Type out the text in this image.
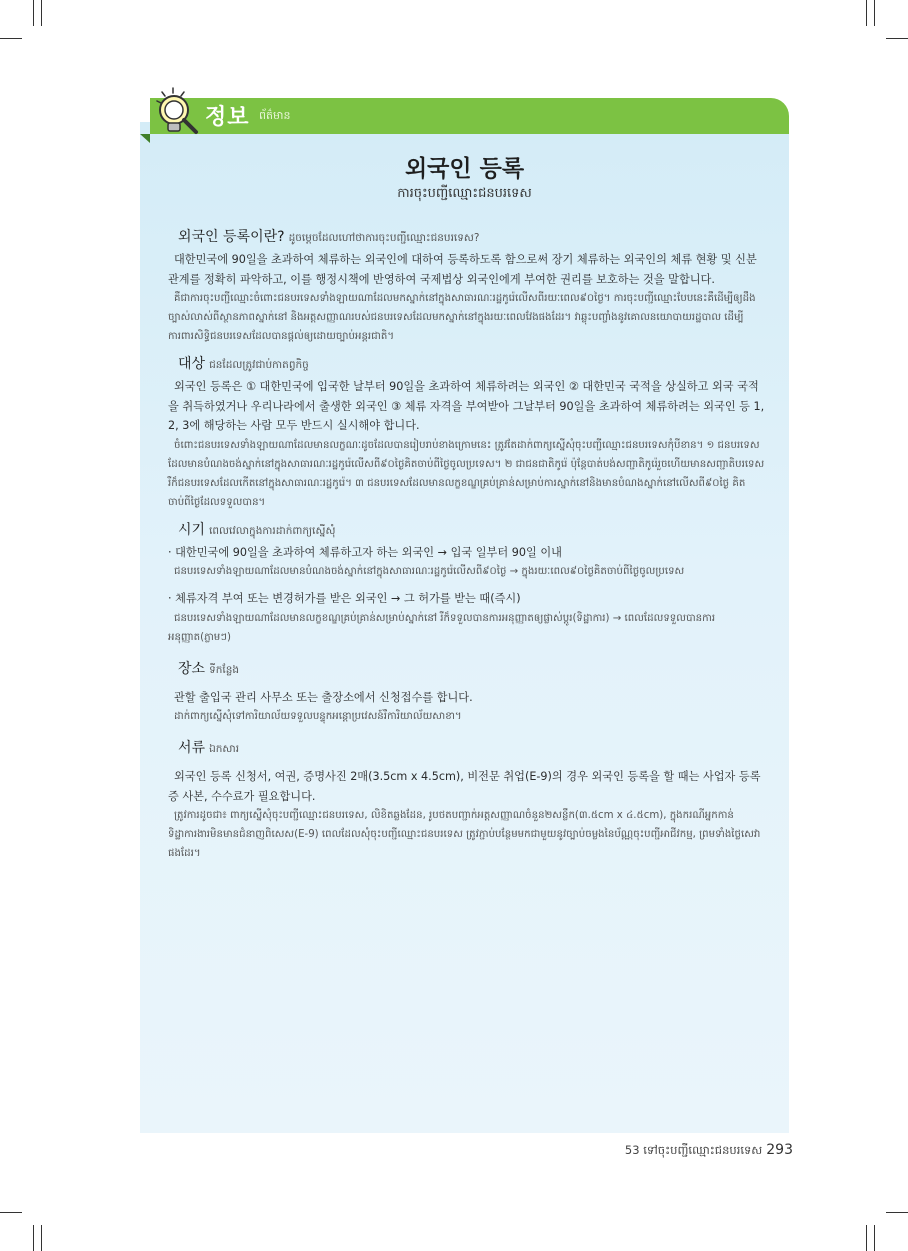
정보 ព័ត៌មាន
외국인 등록
ការចុះបញ្ជីឈ្មោះជនបរទេស
외국인 등록이란? ដូចម្តេចដែលហៅថាការចុះបញ្ជីឈ្មោះជនបរទេស?

대한민국에 90일을 초과하여 체류하는 외국인에 대하여 등록하도록 함으로써 장기 체류하는 외국인의 체류 현황 및 신분 관계를 정확히 파악하고, 이를 행정시책에 반영하여 국제법상 외국인에게 부여한 권리를 보호하는 것을 말합니다.

គឺជាការចុះបញ្ជីឈ្មោះចំពោះជនបរទេសទាំងឡាយណាដែលមកស្នាក់នៅក្នុងសាធារណៈរដ្ឋកូរ៉េលើសពីរយៈពេល៩០ថ្ងៃ។ ការចុះបញ្ជីឈ្មោះបែបនេះគឺដើម្បីឲ្យដឹងច្បាស់លាស់ពីស្ថានភាពស្នាក់នៅ និងអត្តសញ្ញាណរបស់ជនបរទេសដែលមកស្នាក់នៅក្នុងរយៈពេលវែងផងដែរ។ វាឆ្លុះបញ្ចាំងនូវគោលនយោបាយរដ្ឋបាល ដើម្បីការពារសិទ្ធិជនបរទេសដែលបានផ្តល់ឲ្យដោយច្បាប់អន្តរជាតិ។

대상 ជនដែលត្រូវជាប់កាតព្វកិច្ច

외국인 등록은 ① 대한민국에 입국한 날부터 90일을 초과하여 체류하려는 외국인 ② 대한민국 국적을 상실하고 외국 국적을 취득하였거나 우리나라에서 출생한 외국인 ③ 체류 자격을 부여받아 그날부터 90일을 초과하여 체류하려는 외국인 등 1, 2, 3에 해당하는 사람 모두 반드시 실시해야 합니다.

ចំពោះជនបរទេសទាំងឡាយណាដែលមានលក្ខណៈដូចដែលបានរៀបរាប់ខាងក្រោមនេះ ត្រូវតែដាក់ពាក្យស្នើសុំចុះបញ្ជីឈ្មោះជនបរទេសកុំបីខាន។ ១ ជនបរទេសដែលមានបំណងចង់ស្នាក់នៅក្នុងសាធារណៈរដ្ឋកូរ៉េលើសពី៩០ថ្ងៃគិតចាប់ពីថ្ងៃចូលប្រទេស។ ២ ជាជនជាតិកូរ៉េ ប៉ុន្តែបាត់បង់សញ្ជាតិកូរ៉េរួចហើយមានសញ្ជាតិបរទេស រឺក៏ជនបរទេសដែលកើតនៅក្នុងសាធារណៈរដ្ឋកូរ៉េ។ ៣ ជនបរទេសដែលមានលក្ខខណ្ឌគ្រប់គ្រាន់សម្រាប់ការស្នាក់នៅនិងមានបំណងស្នាក់នៅលើសពី៩០ថ្ងៃ គិតចាប់ពីថ្ងៃដែលទទួលបាន។

시기 ពេលវេលាក្នុងការដាក់ពាក្យស្នើសុំ

· 대한민국에 90일을 초과하여 체류하고자 하는 외국인 → 입국 일부터 90일 이내

ជនបរទេសទាំងឡាយណាដែលមានបំណងចង់ស្នាក់នៅក្នុងសាធារណៈរដ្ឋកូរ៉េលើសពី៩០ថ្ងៃ → ក្នុងរយៈពេល៩០ថ្ងៃគិតចាប់ពីថ្ងៃចូលប្រទេស

· 체류자격 부여 또는 변경허가를 받은 외국인 → 그 허가를 받는 때(즉시)

ជនបរទេសទាំងឡាយណាដែលមានលក្ខខណ្ឌគ្រប់គ្រាន់សម្រាប់ស្នាក់នៅ រឺក៏ទទួលបានការអនុញ្ញាតឲ្យផ្លាស់ប្តូរ(ទិដ្ឋាការ) → ពេលដែលទទួលបានការអនុញ្ញាត(ភ្លាមៗ)

장소 ទីកន្លែង

관할 출입국 관리 사무소 또는 출장소에서 신청접수를 합니다.

ដាក់ពាក្យស្នើសុំទៅការិយាល័យទទួលបន្ទុកអន្តោប្រវេសន៍រឺការិយាល័យសាខា។

서류 ឯកសារ

외국인 등록 신청서, 여권, 증명사진 2매(3.5cm x 4.5cm), 비전문 취업(E-9)의 경우 외국인 등록을 할 때는 사업자 등록증 사본, 수수료가 필요합니다.

ត្រូវការដូចជា៖ ពាក្យស្នើសុំចុះបញ្ជីឈ្មោះជនបរទេស, លិខិតឆ្លងដែន, រូបថតបញ្ជាក់អត្តសញ្ញាណចំនួន២សន្លឹក(៣.៥cm x ៤.៥cm), ក្នុងករណីអ្នកកាន់ទិដ្ឋាការងារមិនមានជំនាញពិសេស(E-9) ពេលដែលសុំចុះបញ្ជីឈ្មោះជនបរទេស ត្រូវភ្ជាប់បន្ថែមមកជាមួយនូវច្បាប់ចម្លងនៃប័ណ្ណចុះបញ្ជីអាជីវកម្ម, ព្រមទាំងថ្លៃសេវាផងដែរ។

53 ទៅចុះបញ្ជីឈ្មោះជនបរទេស 293
